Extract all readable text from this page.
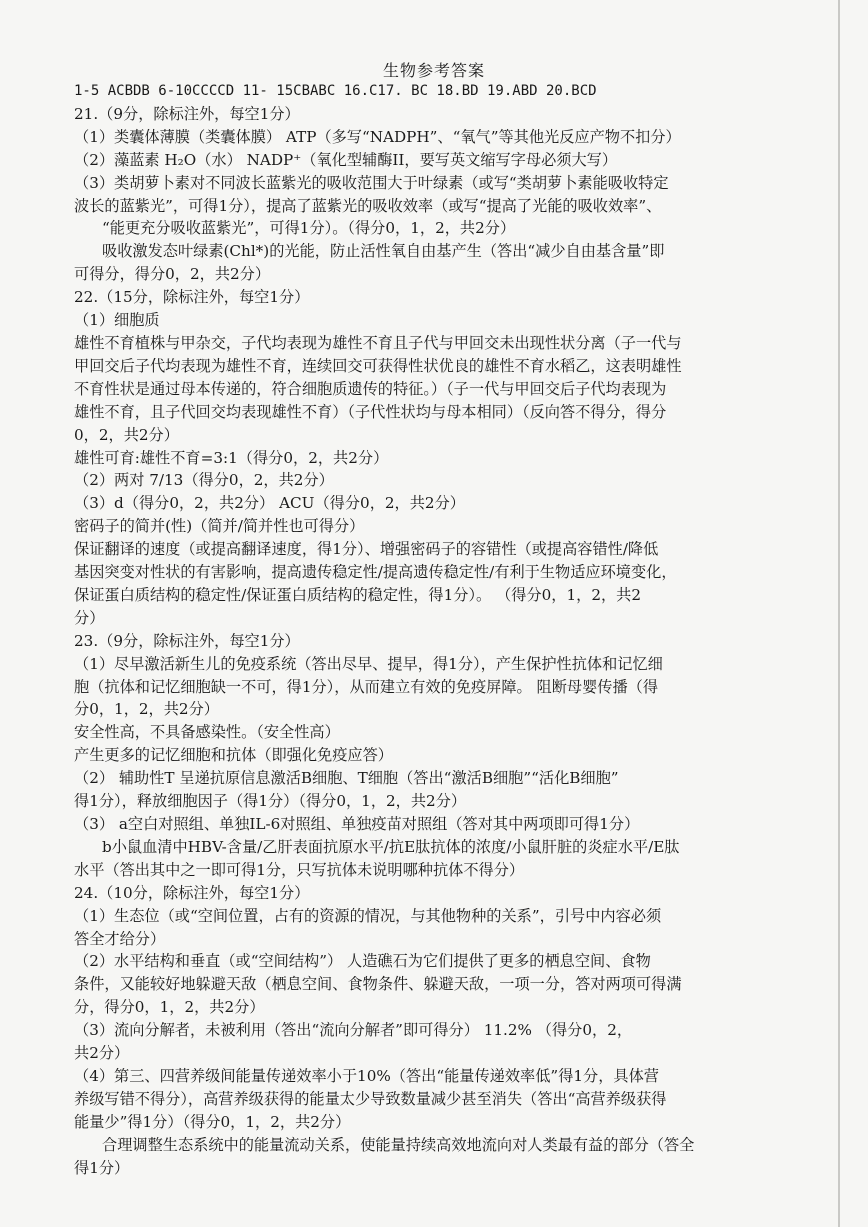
生物参考答案
1-5 ACBDB 6-10CCCCD 11- 15CBABC 16.C17. BC 18.BD 19.ABD 20.BCD
21.（9分，除标注外，每空1分）
（1）类囊体薄膜（类囊体膜） ATP（多写“NADPH”、“氧气”等其他光反应产物不扣分）
（2）藻蓝素 H₂O（水） NADP⁺（氧化型辅酶II，要写英文缩写字母必须大写）
（3）类胡萝卜素对不同波长蓝紫光的吸收范围大于叶绿素（或写“类胡萝卜素能吸收特定
波长的蓝紫光”，可得1分），提高了蓝紫光的吸收效率（或写“提高了光能的吸收效率”、
“能更充分吸收蓝紫光”，可得1分）。（得分0，1，2，共2分）
吸收激发态叶绿素(Chl*)的光能，防止活性氧自由基产生（答出“减少自由基含量”即
可得分，得分0，2，共2分）
22.（15分，除标注外，每空1分）
（1）细胞质
雄性不育植株与甲杂交，子代均表现为雄性不育且子代与甲回交未出现性状分离（子一代与
甲回交后子代均表现为雄性不育，连续回交可获得性状优良的雄性不育水稻乙，这表明雄性
不育性状是通过母本传递的，符合细胞质遗传的特征。）（子一代与甲回交后子代均表现为
雄性不育，且子代回交均表现雄性不育）（子代性状均与母本相同）（反向答不得分，得分
0，2，共2分）
雄性可育:雄性不育=3:1（得分0，2，共2分）
（2）两对 7/13（得分0，2，共2分）
（3）d（得分0，2，共2分） ACU（得分0，2，共2分）
密码子的简并(性)（简并/简并性也可得分）
保证翻译的速度（或提高翻译速度，得1分）、增强密码子的容错性（或提高容错性/降低
基因突变对性状的有害影响，提高遗传稳定性/提高遗传稳定性/有利于生物适应环境变化，
保证蛋白质结构的稳定性/保证蛋白质结构的稳定性，得1分）。 （得分0，1，2，共2
分）
23.（9分，除标注外，每空1分）
（1）尽早激活新生儿的免疫系统（答出尽早、提早，得1分），产生保护性抗体和记忆细
胞（抗体和记忆细胞缺一不可，得1分），从而建立有效的免疫屏障。 阻断母婴传播（得
分0，1，2，共2分）
安全性高，不具备感染性。（安全性高）
产生更多的记忆细胞和抗体（即强化免疫应答）
（2） 辅助性T 呈递抗原信息激活B细胞、T细胞（答出“激活B细胞”“活化B细胞”
得1分），释放细胞因子（得1分）（得分0，1，2，共2分）
（3） a空白对照组、单独IL-6对照组、单独疫苗对照组（答对其中两项即可得1分）
b小鼠血清中HBV-含量/乙肝表面抗原水平/抗E肽抗体的浓度/小鼠肝脏的炎症水平/E肽
水平（答出其中之一即可得1分，只写抗体未说明哪种抗体不得分）
24.（10分，除标注外，每空1分）
（1）生态位（或“空间位置，占有的资源的情况，与其他物种的关系”，引号中内容必须
答全才给分）
（2）水平结构和垂直（或“空间结构”） 人造礁石为它们提供了更多的栖息空间、食物
条件，又能较好地躲避天敌（栖息空间、食物条件、躲避天敌，一项一分，答对两项可得满
分，得分0，1，2，共2分）
（3）流向分解者，未被利用（答出“流向分解者”即可得分） 11.2% （得分0，2，
共2分）
（4）第三、四营养级间能量传递效率小于10%（答出“能量传递效率低”得1分，具体营
养级写错不得分），高营养级获得的能量太少导致数量减少甚至消失（答出“高营养级获得
能量少”得1分）（得分0，1，2，共2分）
合理调整生态系统中的能量流动关系，使能量持续高效地流向对人类最有益的部分（答全
得1分）
